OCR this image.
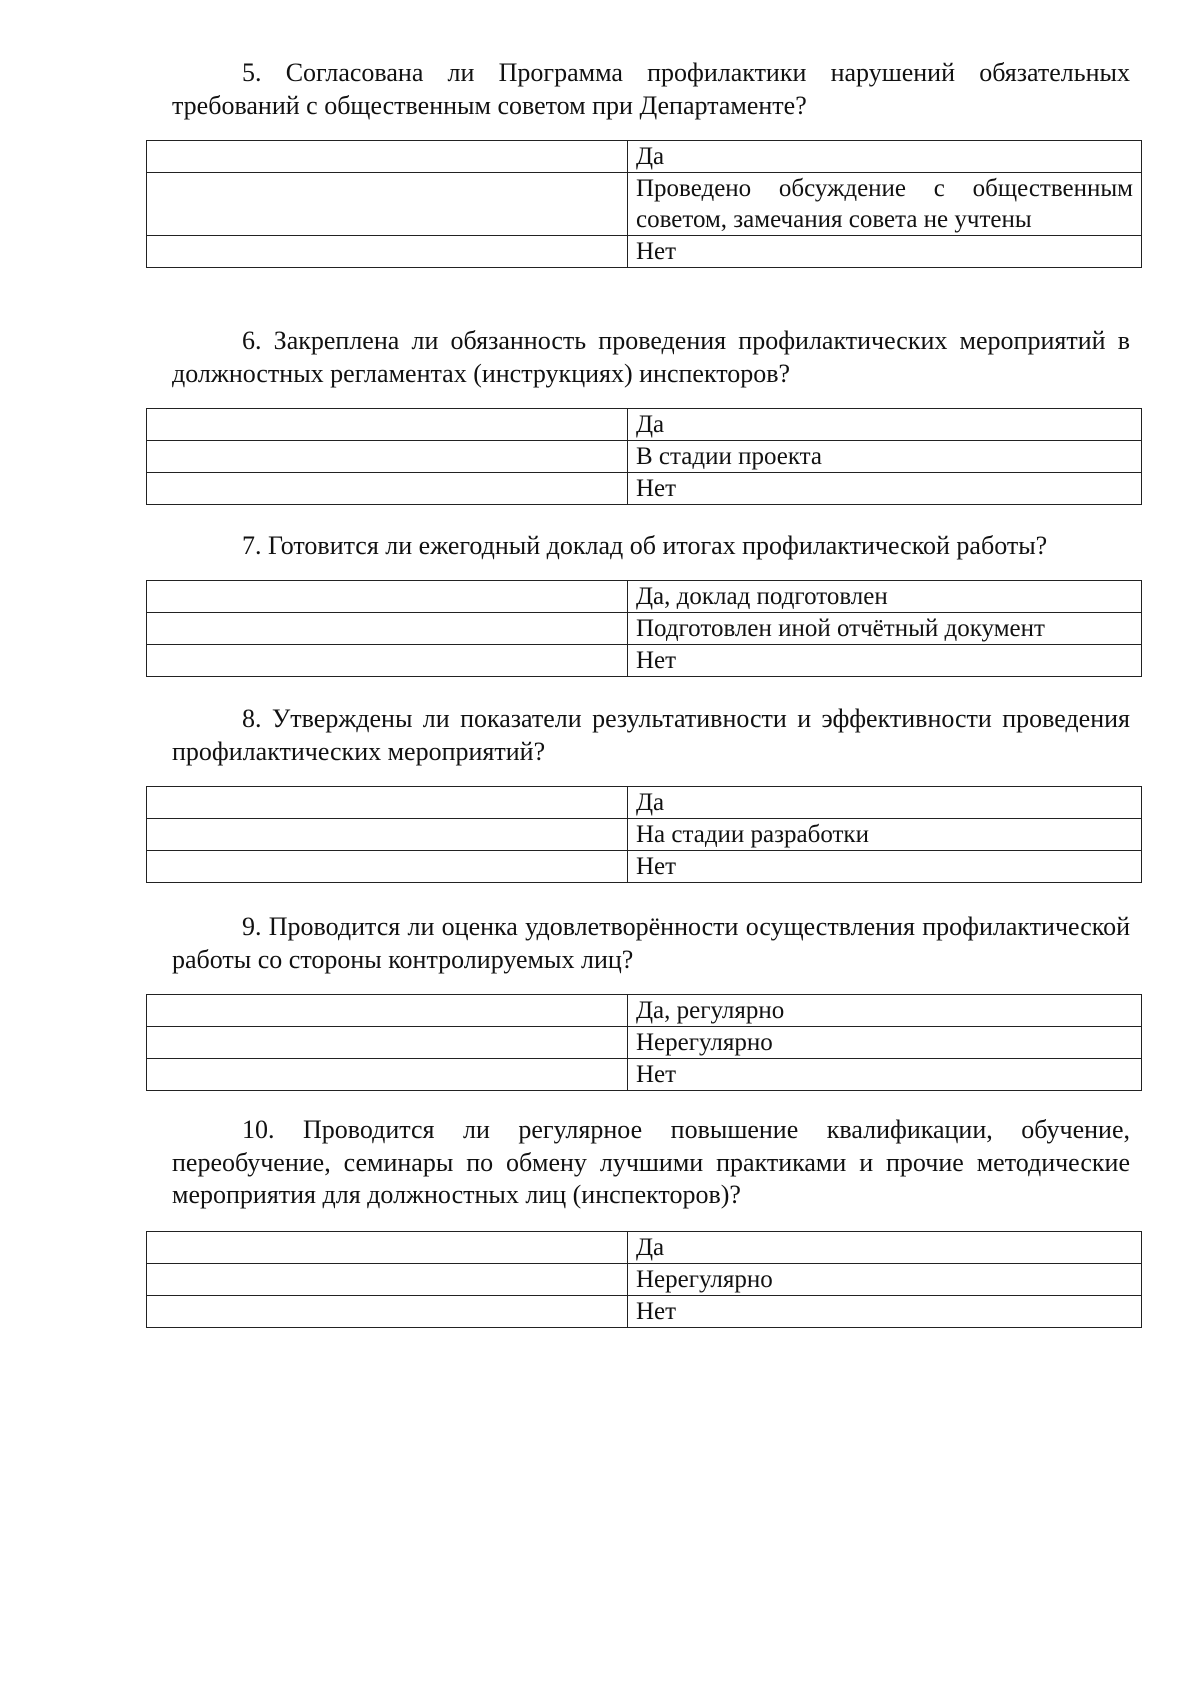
5. Согласована ли Программа профилактики нарушений обязательных требований с общественным советом при Департаменте?

	Да
	Проведено обсуждение с общественным советом, замечания совета не учтены
	Нет

6. Закреплена ли обязанность проведения профилактических мероприятий в должностных регламентах (инструкциях) инспекторов?

	Да
	В стадии проекта
	Нет

7. Готовится ли ежегодный доклад об итогах профилактической работы?

	Да, доклад подготовлен
	Подготовлен иной отчётный документ
	Нет

8. Утверждены ли показатели результативности и эффективности проведения профилактических мероприятий?

	Да
	На стадии разработки
	Нет

9. Проводится ли оценка удовлетворённости осуществления профилактической работы со стороны контролируемых лиц?

	Да, регулярно
	Нерегулярно
	Нет

10. Проводится ли регулярное повышение квалификации, обучение, переобучение, семинары по обмену лучшими практиками и прочие методические мероприятия для должностных лиц (инспекторов)?

	Да
	Нерегулярно
	Нет
